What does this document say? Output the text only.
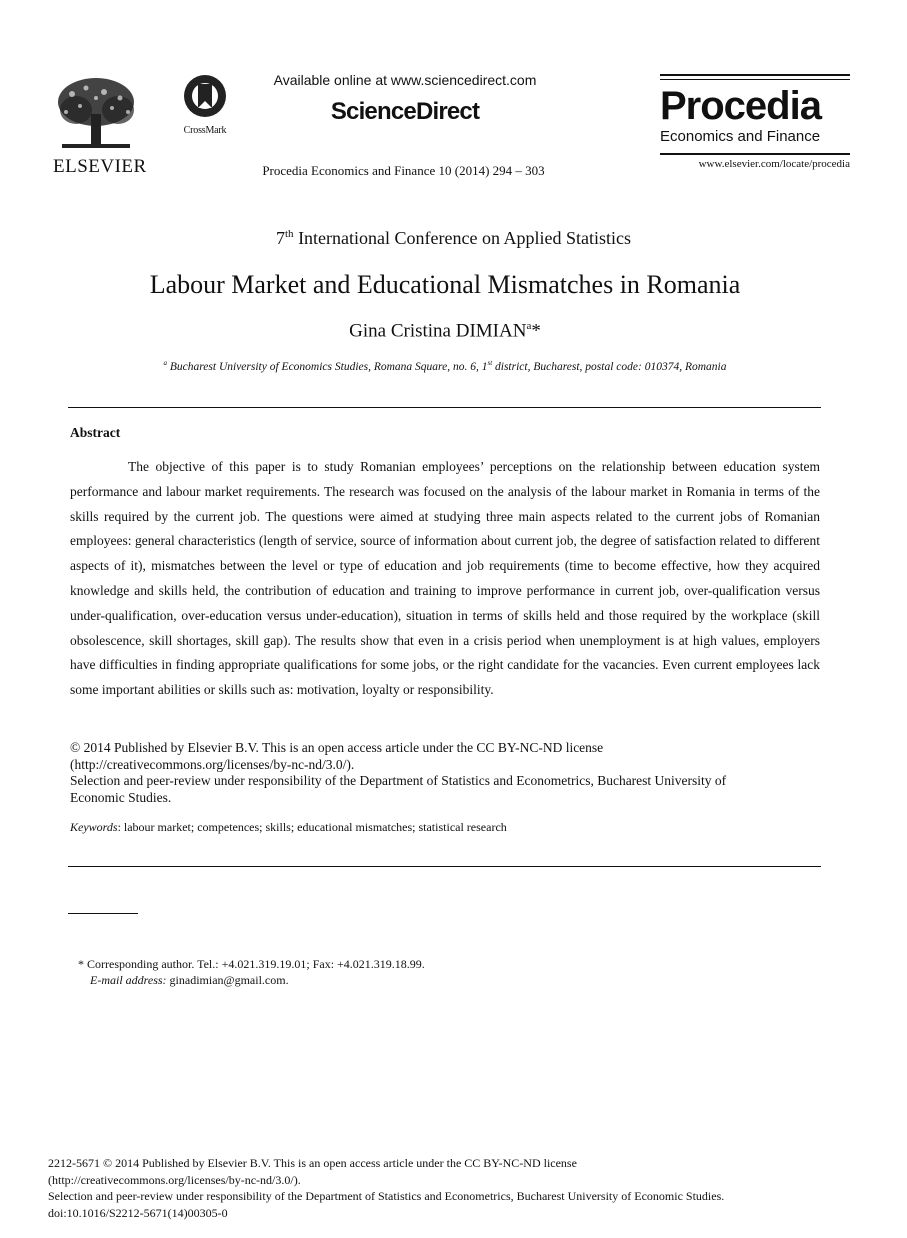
ELSEVIER
CrossMark
Available online at www.sciencedirect.com
ScienceDirect
Procedia Economics and Finance 10 (2014) 294 – 303
Procedia
Economics and Finance
www.elsevier.com/locate/procedia
7th International Conference on Applied Statistics
Labour Market and Educational Mismatches in Romania
Gina Cristina DIMIAN$^a$*
$^a$ Bucharest University of Economics Studies, Romana Square, no. 6, 1st district, Bucharest, postal code: 010374, Romania
Abstract

The objective of this paper is to study Romanian employees’ perceptions on the relationship between education system performance and labour market requirements. The research was focused on the analysis of the labour market in Romania in terms of the skills required by the current job. The questions were aimed at studying three main aspects related to the current jobs of Romanian employees: general characteristics (length of service, source of information about current job, the degree of satisfaction related to different aspects of it), mismatches between the level or type of education and job requirements (time to become effective, how they acquired knowledge and skills held, the contribution of education and training to improve performance in current job, over-qualification versus under-qualification, over-education versus under-education), situation in terms of skills held and those required by the workplace (skill obsolescence, skill shortages, skill gap). The results show that even in a crisis period when unemployment is at high values, employers have difficulties in finding appropriate qualifications for some jobs, or the right candidate for the vacancies. Even current employees lack some important abilities or skills such as: motivation, loyalty or responsibility.

© 2014 Published by Elsevier B.V. This is an open access article under the CC BY-NC-ND license
(http://creativecommons.org/licenses/by-nc-nd/3.0/).
Selection and peer-review under responsibility of the Department of Statistics and Econometrics, Bucharest University of
Economic Studies.
Keywords: labour market; competences; skills; educational mismatches; statistical research
* Corresponding author. Tel.: +4.021.319.19.01; Fax: +4.021.319.18.99.
E-mail address: ginadimian@gmail.com.
2212-5671 © 2014 Published by Elsevier B.V. This is an open access article under the CC BY-NC-ND license
(http://creativecommons.org/licenses/by-nc-nd/3.0/).
Selection and peer-review under responsibility of the Department of Statistics and Econometrics, Bucharest University of Economic Studies.
doi:10.1016/S2212-5671(14)00305-0
